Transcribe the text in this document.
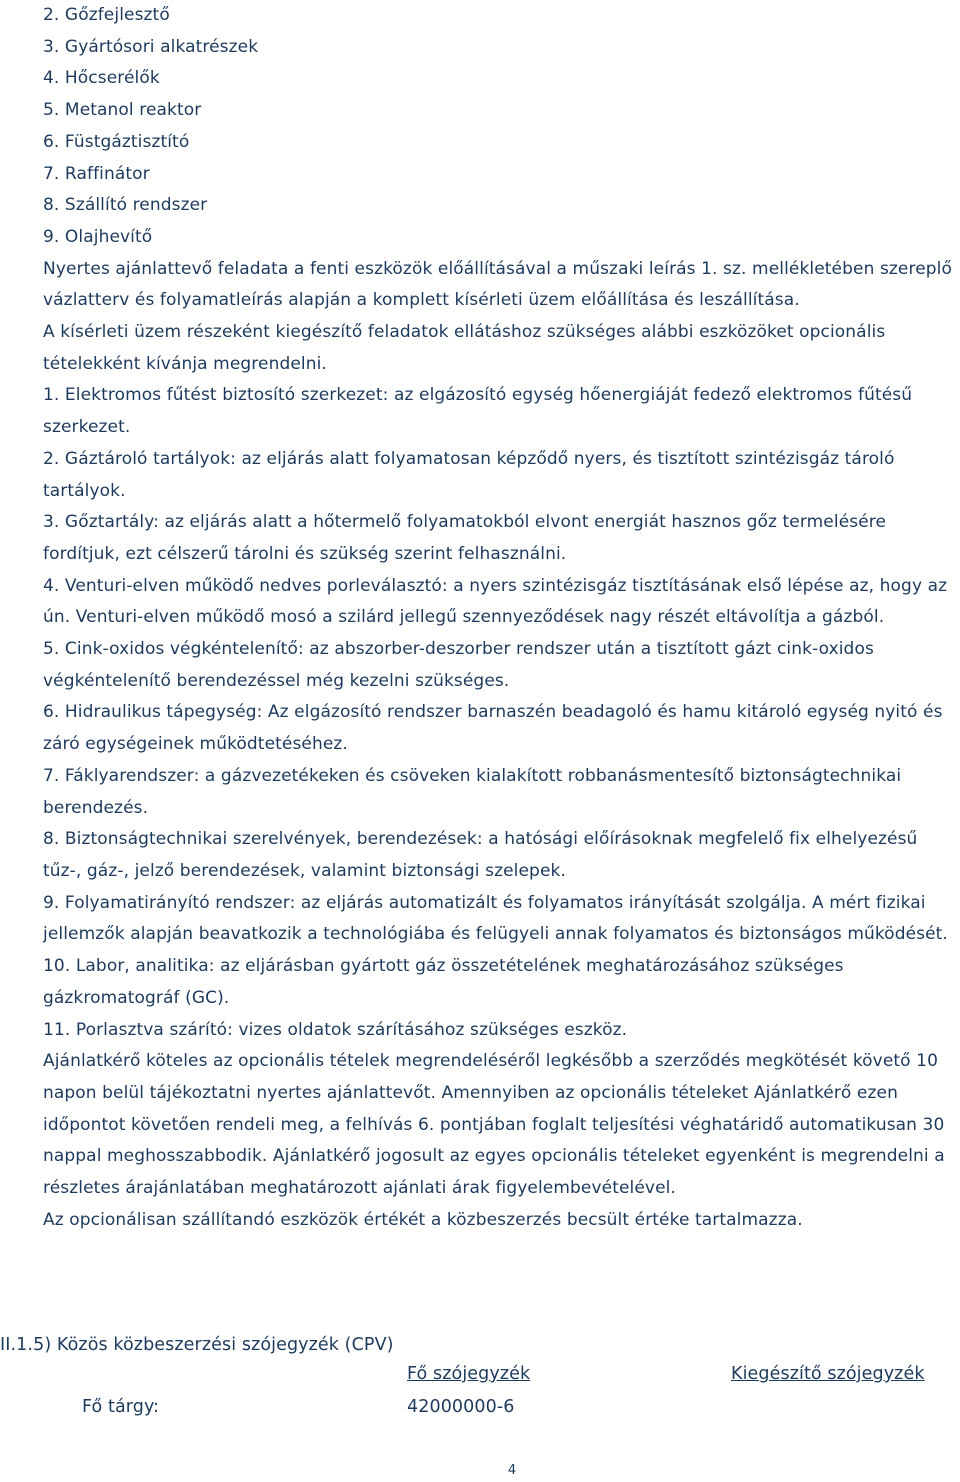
2. Gőzfejlesztő
3. Gyártósori alkatrészek
4. Hőcserélők
5. Metanol reaktor
6. Füstgáztisztító
7. Raffinátor
8. Szállító rendszer
9. Olajhevítő
Nyertes ajánlattevő feladata a fenti eszközök előállításával a műszaki leírás 1. sz. mellékletében szereplő vázlatterv és folyamatleírás alapján a komplett kísérleti üzem előállítása és leszállítása.
A kísérleti üzem részeként kiegészítő feladatok ellátáshoz szükséges alábbi eszközöket opcionális tételekként kívánja megrendelni.
1. Elektromos fűtést biztosító szerkezet: az elgázosító egység hőenergiáját fedező elektromos fűtésű szerkezet.
2. Gáztároló tartályok: az eljárás alatt folyamatosan képződő nyers, és tisztított szintézisgáz tároló tartályok.
3. Gőztartály: az eljárás alatt a hőtermelő folyamatokból elvont energiát hasznos gőz termelésére fordítjuk, ezt célszerű tárolni és szükség szerint felhasználni.
4. Venturi-elven működő nedves porleválasztó: a nyers szintézisgáz tisztításának első lépése az, hogy az ún. Venturi-elven működő mosó a szilárd jellegű szennyeződések nagy részét eltávolítja a gázból.
5. Cink-oxidos végkéntelenítő: az abszorber-deszorber rendszer után a tisztított gázt cink-oxidos végkéntelenítő berendezéssel még kezelni szükséges.
6. Hidraulikus tápegység: Az elgázosító rendszer barnaszén beadagoló és hamu kitároló egység nyitó és záró egységeinek működtetéséhez.
7. Fáklyarendszer: a gázvezetékeken és csöveken kialakított robbanásmentesítő biztonságtechnikai berendezés.
8. Biztonságtechnikai szerelvények, berendezések: a hatósági előírásoknak megfelelő fix elhelyezésű tűz-, gáz-, jelző berendezések, valamint biztonsági szelepek.
9. Folyamatirányító rendszer: az eljárás automatizált és folyamatos irányítását szolgálja. A mért fizikai jellemzők alapján beavatkozik a technológiába és felügyeli annak folyamatos és biztonságos működését.
10. Labor, analitika: az eljárásban gyártott gáz összetételének meghatározásához szükséges gázkromatográf (GC).
11. Porlasztva szárító: vizes oldatok szárításához szükséges eszköz.
Ajánlatkérő köteles az opcionális tételek megrendeléséről legkésőbb a szerződés megkötését követő 10 napon belül tájékoztatni nyertes ajánlattevőt. Amennyiben az opcionális tételeket Ajánlatkérő ezen időpontot követően rendeli meg, a felhívás 6. pontjában foglalt teljesítési véghatáridő automatikusan 30 nappal meghosszabbodik. Ajánlatkérő jogosult az egyes opcionális tételeket egyenként is megrendelni a részletes árajánlatában meghatározott ajánlati árak figyelembevételével.
Az opcionálisan szállítandó eszközök értékét a közbeszerzés becsült értéke tartalmazza.
II.1.5) Közös közbeszerzési szójegyzék (CPV)
Fő szójegyzék	Kiegészítő szójegyzék
Fő tárgy:	42000000-6
4
